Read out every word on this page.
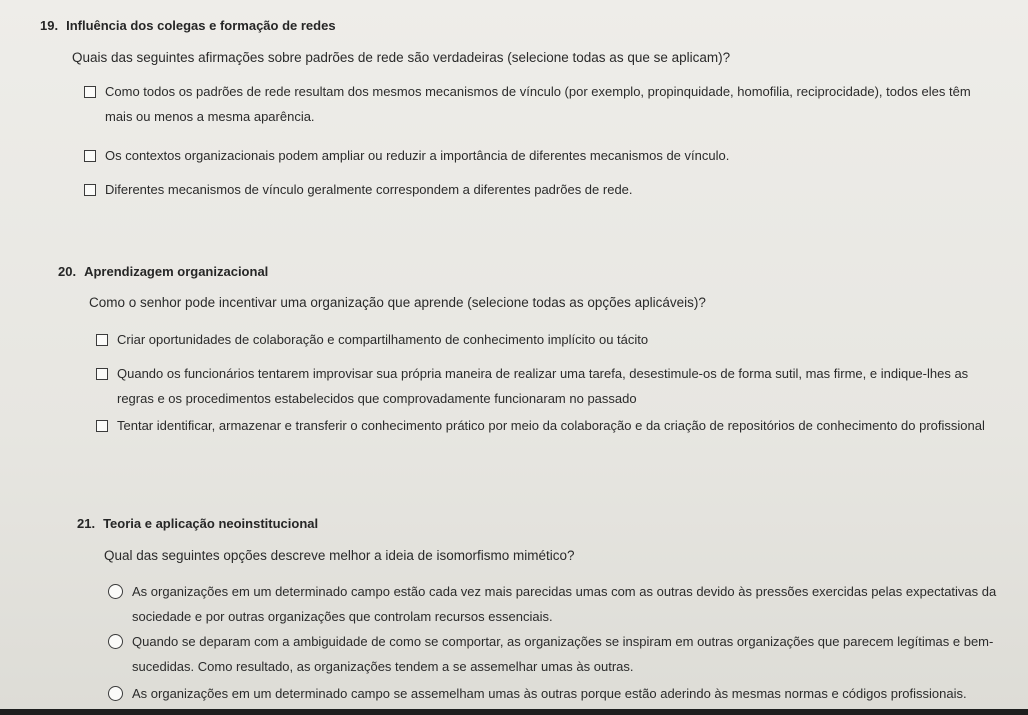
19. Influência dos colegas e formação de redes
Quais das seguintes afirmações sobre padrões de rede são verdadeiras (selecione todas as que se aplicam)?
Como todos os padrões de rede resultam dos mesmos mecanismos de vínculo (por exemplo, propinquidade, homofilia, reciprocidade), todos eles têm mais ou menos a mesma aparência.
Os contextos organizacionais podem ampliar ou reduzir a importância de diferentes mecanismos de vínculo.
Diferentes mecanismos de vínculo geralmente correspondem a diferentes padrões de rede.
20. Aprendizagem organizacional
Como o senhor pode incentivar uma organização que aprende (selecione todas as opções aplicáveis)?
Criar oportunidades de colaboração e compartilhamento de conhecimento implícito ou tácito
Quando os funcionários tentarem improvisar sua própria maneira de realizar uma tarefa, desestimule-os de forma sutil, mas firme, e indique-lhes as regras e os procedimentos estabelecidos que comprovadamente funcionaram no passado
Tentar identificar, armazenar e transferir o conhecimento prático por meio da colaboração e da criação de repositórios de conhecimento do profissional
21. Teoria e aplicação neoinstitucional
Qual das seguintes opções descreve melhor a ideia de isomorfismo mimético?
As organizações em um determinado campo estão cada vez mais parecidas umas com as outras devido às pressões exercidas pelas expectativas da sociedade e por outras organizações que controlam recursos essenciais.
Quando se deparam com a ambiguidade de como se comportar, as organizações se inspiram em outras organizações que parecem legítimas e bem-sucedidas. Como resultado, as organizações tendem a se assemelhar umas às outras.
As organizações em um determinado campo se assemelham umas às outras porque estão aderindo às mesmas normas e códigos profissionais.
